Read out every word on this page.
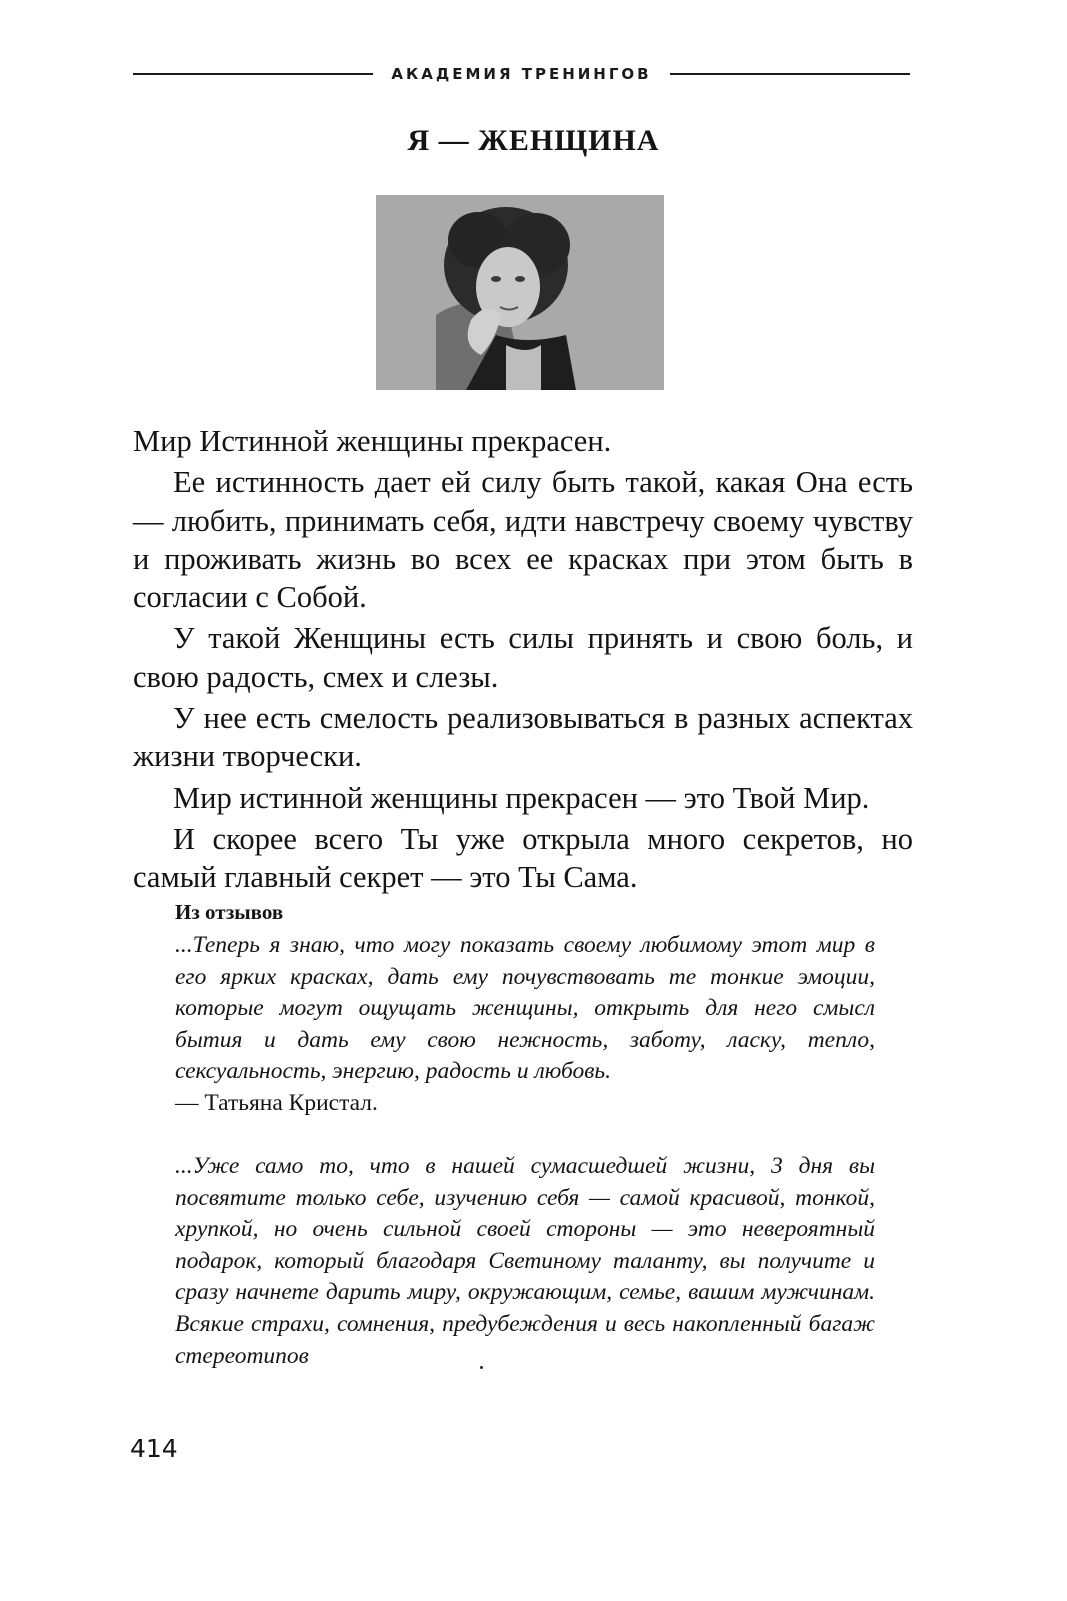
АКАДЕМИЯ ТРЕНИНГОВ
Я — ЖЕНЩИНА

Мир Истинной женщины прекрасен.

Ее истинность дает ей силу быть такой, какая Она есть — любить, принимать себя, идти навстречу своему чувству и проживать жизнь во всех ее красках при этом быть в согласии с Собой.

У такой Женщины есть силы принять и свою боль, и свою радость, смех и слезы.

У нее есть смелость реализовываться в разных аспектах жизни творчески.

Мир истинной женщины прекрасен — это Твой Мир.

И скорее всего Ты уже открыла много секретов, но самый главный секрет — это Ты Сама.

Из отзывов

...Теперь я знаю, что могу показать своему любимому этот мир в его ярких красках, дать ему почувствовать те тонкие эмоции, которые могут ощущать женщины, открыть для него смысл бытия и дать ему свою нежность, заботу, ласку, тепло, сексуальность, энергию, радость и любовь.

— Татьяна Кристал.

...Уже само то, что в нашей сумасшедшей жизни, 3 дня вы посвятите только себе, изучению себя — самой красивой, тонкой, хрупкой, но очень сильной своей стороны — это невероятный подарок, который благодаря Светиному таланту, вы получите и сразу начнете дарить миру, окружающим, семье, вашим мужчинам. Всякие страхи, сомнения, предубеждения и весь накопленный багаж стереотипов

414
